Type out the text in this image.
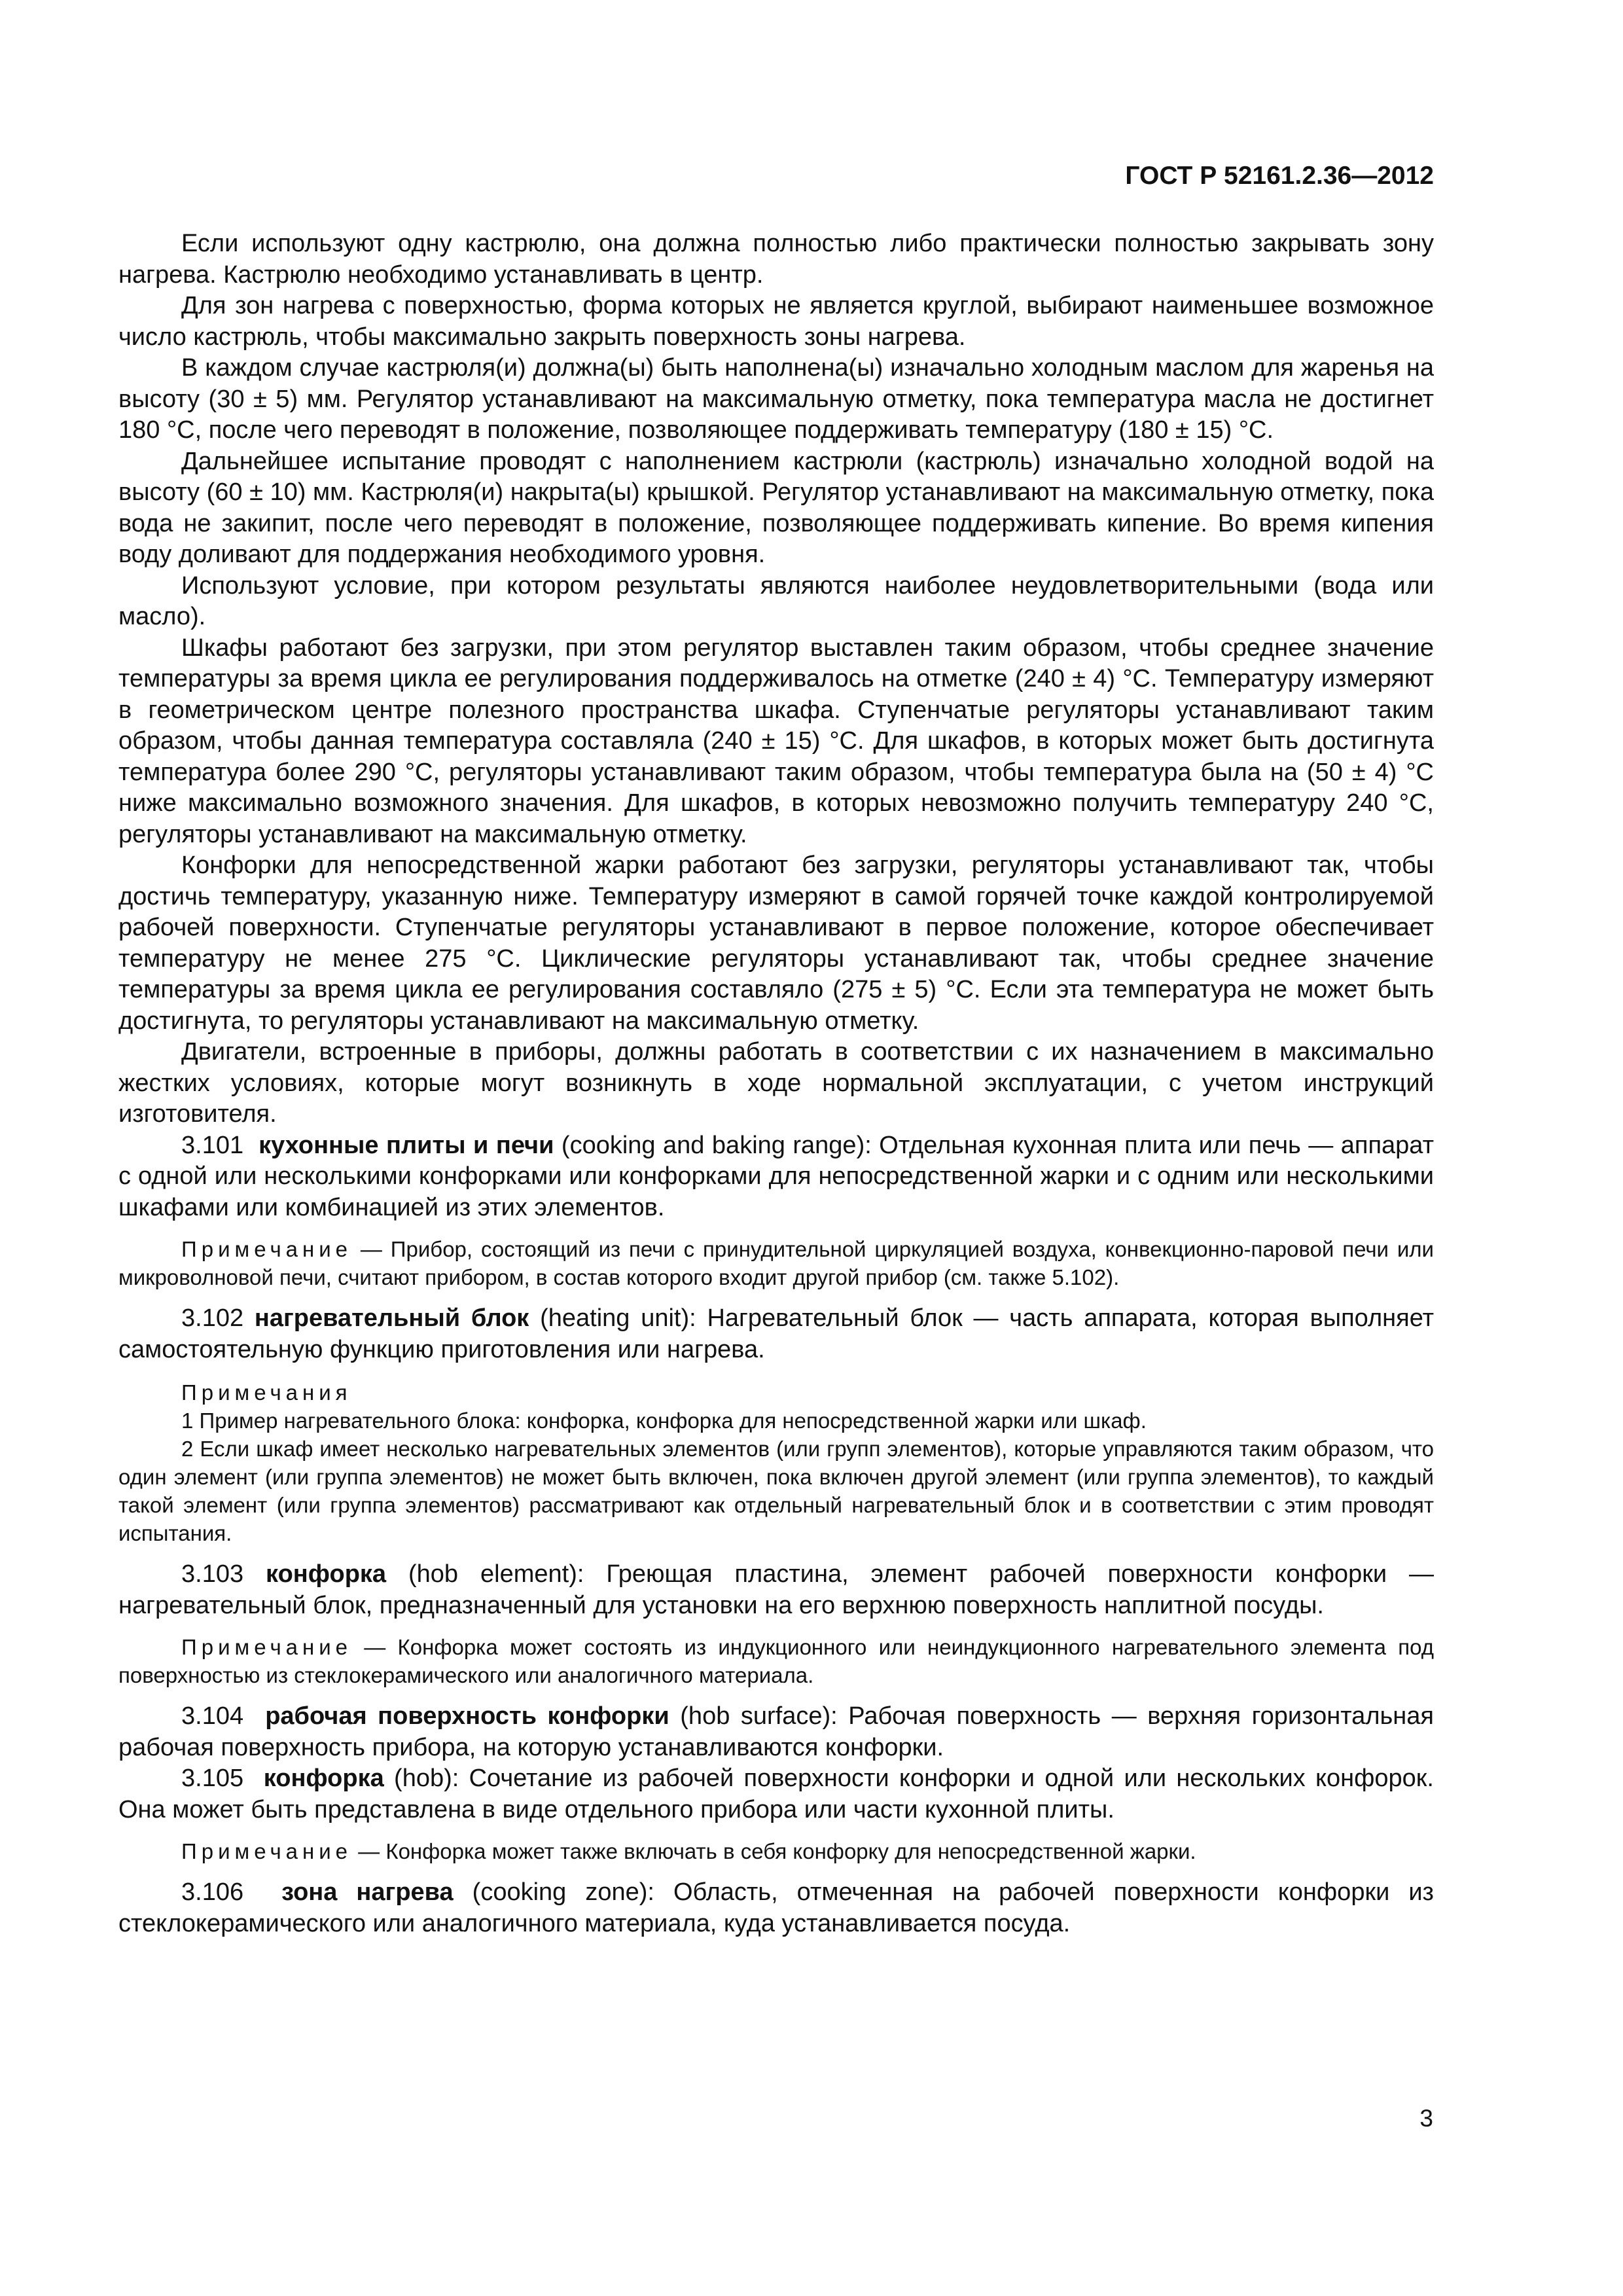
ГОСТ Р 52161.2.36—2012

Если используют одну кастрюлю, она должна полностью либо практически полностью закрывать зону нагрева. Кастрюлю необходимо устанавливать в центр.

Для зон нагрева с поверхностью, форма которых не является круглой, выбирают наименьшее возможное число кастрюль, чтобы максимально закрыть поверхность зоны нагрева.

В каждом случае кастрюля(и) должна(ы) быть наполнена(ы) изначально холодным маслом для жаренья на высоту (30 ± 5) мм. Регулятор устанавливают на максимальную отметку, пока температура масла не достигнет 180 °С, после чего переводят в положение, позволяющее поддерживать температуру (180 ± 15) °С.

Дальнейшее испытание проводят с наполнением кастрюли (кастрюль) изначально холодной водой на высоту (60 ± 10) мм. Кастрюля(и) накрыта(ы) крышкой. Регулятор устанавливают на максимальную отметку, пока вода не закипит, после чего переводят в положение, позволяющее поддерживать кипение. Во время кипения воду доливают для поддержания необходимого уровня.

Используют условие, при котором результаты являются наиболее неудовлетворительными (вода или масло).

Шкафы работают без загрузки, при этом регулятор выставлен таким образом, чтобы среднее значение температуры за время цикла ее регулирования поддерживалось на отметке (240 ± 4) °С. Температуру измеряют в геометрическом центре полезного пространства шкафа. Ступенчатые регуляторы устанавливают таким образом, чтобы данная температура составляла (240 ± 15) °С. Для шкафов, в которых может быть достигнута температура более 290 °С, регуляторы устанавливают таким образом, чтобы температура была на (50 ± 4) °С ниже максимально возможного значения. Для шкафов, в которых невозможно получить температуру 240 °С, регуляторы устанавливают на максимальную отметку.

Конфорки для непосредственной жарки работают без загрузки, регуляторы устанавливают так, чтобы достичь температуру, указанную ниже. Температуру измеряют в самой горячей точке каждой контролируемой рабочей поверхности. Ступенчатые регуляторы устанавливают в первое положение, которое обеспечивает температуру не менее 275 °С. Циклические регуляторы устанавливают так, чтобы среднее значение температуры за время цикла ее регулирования составляло (275 ± 5) °С. Если эта температура не может быть достигнута, то регуляторы устанавливают на максимальную отметку.

Двигатели, встроенные в приборы, должны работать в соответствии с их назначением в максимально жестких условиях, которые могут возникнуть в ходе нормальной эксплуатации, с учетом инструкций изготовителя.

3.101 кухонные плиты и печи (cooking and baking range): Отдельная кухонная плита или печь — аппарат с одной или несколькими конфорками или конфорками для непосредственной жарки и с одним или несколькими шкафами или комбинацией из этих элементов.

Примечание — Прибор, состоящий из печи с принудительной циркуляцией воздуха, конвекционно-паровой печи или микроволновой печи, считают прибором, в состав которого входит другой прибор (см. также 5.102).

3.102 нагревательный блок (heating unit): Нагревательный блок — часть аппарата, которая выполняет самостоятельную функцию приготовления или нагрева.

Примечания

1 Пример нагревательного блока: конфорка, конфорка для непосредственной жарки или шкаф.

2 Если шкаф имеет несколько нагревательных элементов (или групп элементов), которые управляются таким образом, что один элемент (или группа элементов) не может быть включен, пока включен другой элемент (или группа элементов), то каждый такой элемент (или группа элементов) рассматривают как отдельный нагревательный блок и в соответствии с этим проводят испытания.

3.103 конфорка (hob element): Греющая пластина, элемент рабочей поверхности конфорки — нагревательный блок, предназначенный для установки на его верхнюю поверхность наплитной посуды.

Примечание — Конфорка может состоять из индукционного или неиндукционного нагревательного элемента под поверхностью из стеклокерамического или аналогичного материала.

3.104 рабочая поверхность конфорки (hob surface): Рабочая поверхность — верхняя горизонтальная рабочая поверхность прибора, на которую устанавливаются конфорки.

3.105 конфорка (hob): Сочетание из рабочей поверхности конфорки и одной или нескольких конфорок. Она может быть представлена в виде отдельного прибора или части кухонной плиты.

Примечание — Конфорка может также включать в себя конфорку для непосредственной жарки.

3.106 зона нагрева (cooking zone): Область, отмеченная на рабочей поверхности конфорки из стеклокерамического или аналогичного материала, куда устанавливается посуда.

3
